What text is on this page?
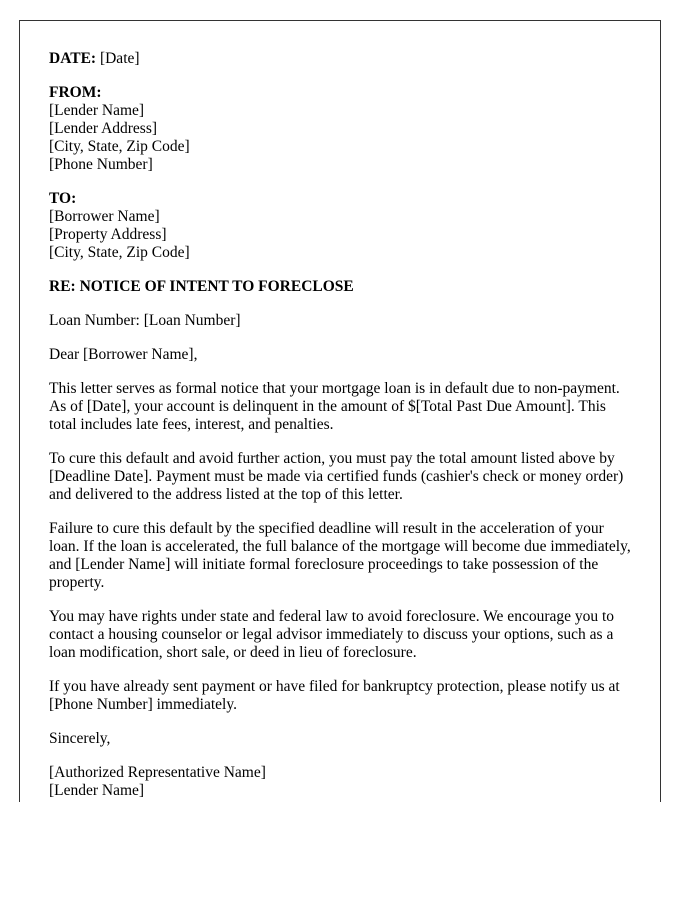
DATE: [Date]

FROM:
[Lender Name]
[Lender Address]
[City, State, Zip Code]
[Phone Number]

TO:
[Borrower Name]
[Property Address]
[City, State, Zip Code]

RE: NOTICE OF INTENT TO FORECLOSE

Loan Number: [Loan Number]

Dear [Borrower Name],

This letter serves as formal notice that your mortgage loan is in default due to non-payment. As of [Date], your account is delinquent in the amount of $[Total Past Due Amount]. This total includes late fees, interest, and penalties.

To cure this default and avoid further action, you must pay the total amount listed above by [Deadline Date]. Payment must be made via certified funds (cashier's check or money order) and delivered to the address listed at the top of this letter.

Failure to cure this default by the specified deadline will result in the acceleration of your loan. If the loan is accelerated, the full balance of the mortgage will become due immediately, and [Lender Name] will initiate formal foreclosure proceedings to take possession of the property.

You may have rights under state and federal law to avoid foreclosure. We encourage you to contact a housing counselor or legal advisor immediately to discuss your options, such as a loan modification, short sale, or deed in lieu of foreclosure.

If you have already sent payment or have filed for bankruptcy protection, please notify us at [Phone Number] immediately.

Sincerely,

[Authorized Representative Name]
[Lender Name]
